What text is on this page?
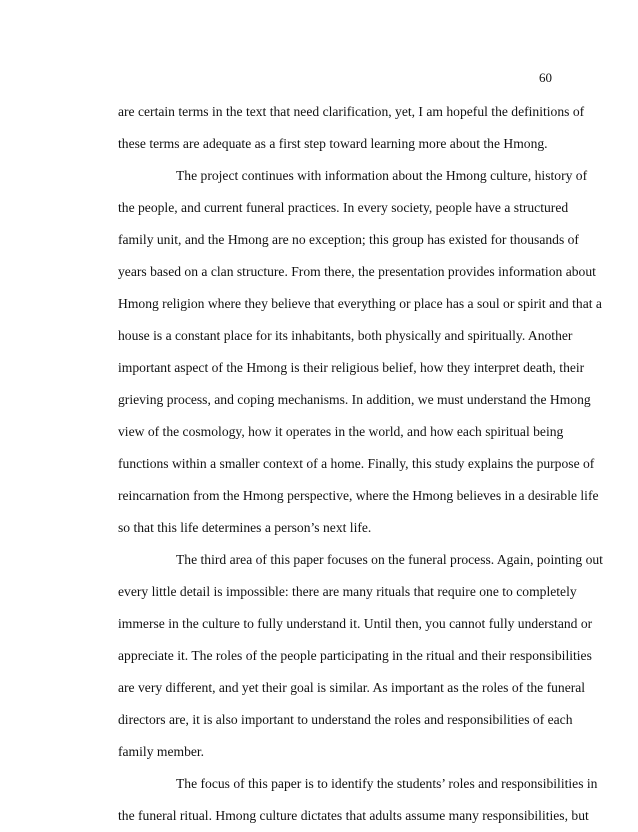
60
are certain terms in the text that need clarification, yet, I am hopeful the definitions of
these terms are adequate as a first step toward learning more about the Hmong.
The project continues with information about the Hmong culture, history of
the people, and current funeral practices. In every society, people have a structured
family unit, and the Hmong are no exception; this group has existed for thousands of
years based on a clan structure. From there, the presentation provides information about
Hmong religion where they believe that everything or place has a soul or spirit and that a
house is a constant place for its inhabitants, both physically and spiritually. Another
important aspect of the Hmong is their religious belief, how they interpret death, their
grieving process, and coping mechanisms. In addition, we must understand the Hmong
view of the cosmology, how it operates in the world, and how each spiritual being
functions within a smaller context of a home. Finally, this study explains the purpose of
reincarnation from the Hmong perspective, where the Hmong believes in a desirable life
so that this life determines a person’s next life.
The third area of this paper focuses on the funeral process. Again, pointing out
every little detail is impossible: there are many rituals that require one to completely
immerse in the culture to fully understand it. Until then, you cannot fully understand or
appreciate it. The roles of the people participating in the ritual and their responsibilities
are very different, and yet their goal is similar. As important as the roles of the funeral
directors are, it is also important to understand the roles and responsibilities of each
family member.
The focus of this paper is to identify the students’ roles and responsibilities in
the funeral ritual. Hmong culture dictates that adults assume many responsibilities, but
